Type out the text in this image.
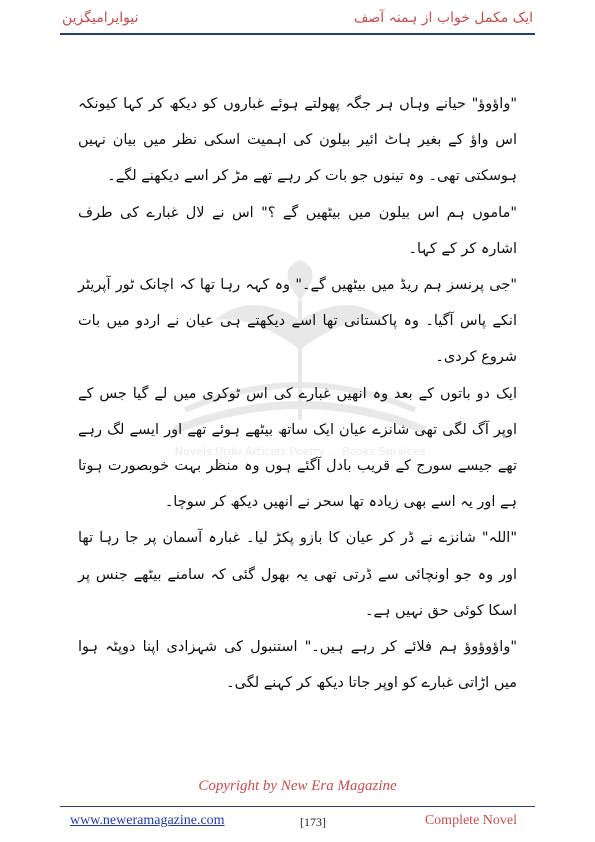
نیوایرامیگزین	ایک مکمل خواب از ہمنہ آصف
Novels Urdu Articles Poetry ... Books Services

"واؤوؤ" حیانے وہاں ہر جگہ پھولتے ہوئے غباروں کو دیکھ کر کہا کیونکہ اس واؤ کے بغیر ہاٹ ائیر بیلون کی اہمیت اسکی نظر میں بیان نہیں ہوسکتی تھی۔ وہ تینوں جو بات کر رہے تھے مڑ کر اسے دیکھنے لگے۔

"ماموں ہم اس بیلون میں بیٹھیں گے ؟" اس نے لال غبارے کی طرف اشارہ کر کے کہا۔

"جی پرنسز ہم ریڈ میں بیٹھیں گے۔" وہ کہہ رہا تھا کہ اچانک ٹور آپریٹر انکے پاس آگیا۔ وہ پاکستانی تھا اسے دیکھتے ہی عیان نے اردو میں بات شروع کردی۔

ایک دو باتوں کے بعد وہ انھیں غبارے کی اس ٹوکری میں لے گیا جس کے اوپر آگ لگی تھی شانزے عیان ایک ساتھ بیٹھے ہوئے تھے اور ایسے لگ رہے تھے جیسے سورج کے قریب بادل آگئے ہوں وہ منظر بہت خوبصورت ہوتا ہے اور یہ اسے بھی زیادہ تھا سحر نے انھیں دیکھ کر سوچا۔

"اللہ" شانزے نے ڈر کر عیان کا بازو پکڑ لیا۔ غبارہ آسمان پر جا رہا تھا اور وہ جو اونچائی سے ڈرتی تھی یہ بھول گئی کہ سامنے بیٹھے جنس پر اسکا کوئی حق نہیں ہے۔

"واؤوؤوؤ ہم فلائے کر رہے ہیں۔" استنبول کی شہزادی اپنا دوپٹہ ہوا میں اڑاتی غبارے کو اوپر جاتا دیکھ کر کہنے لگی۔

Copyright by New Era Magazine
www.neweramagazine.com	[173]	Complete Novel
